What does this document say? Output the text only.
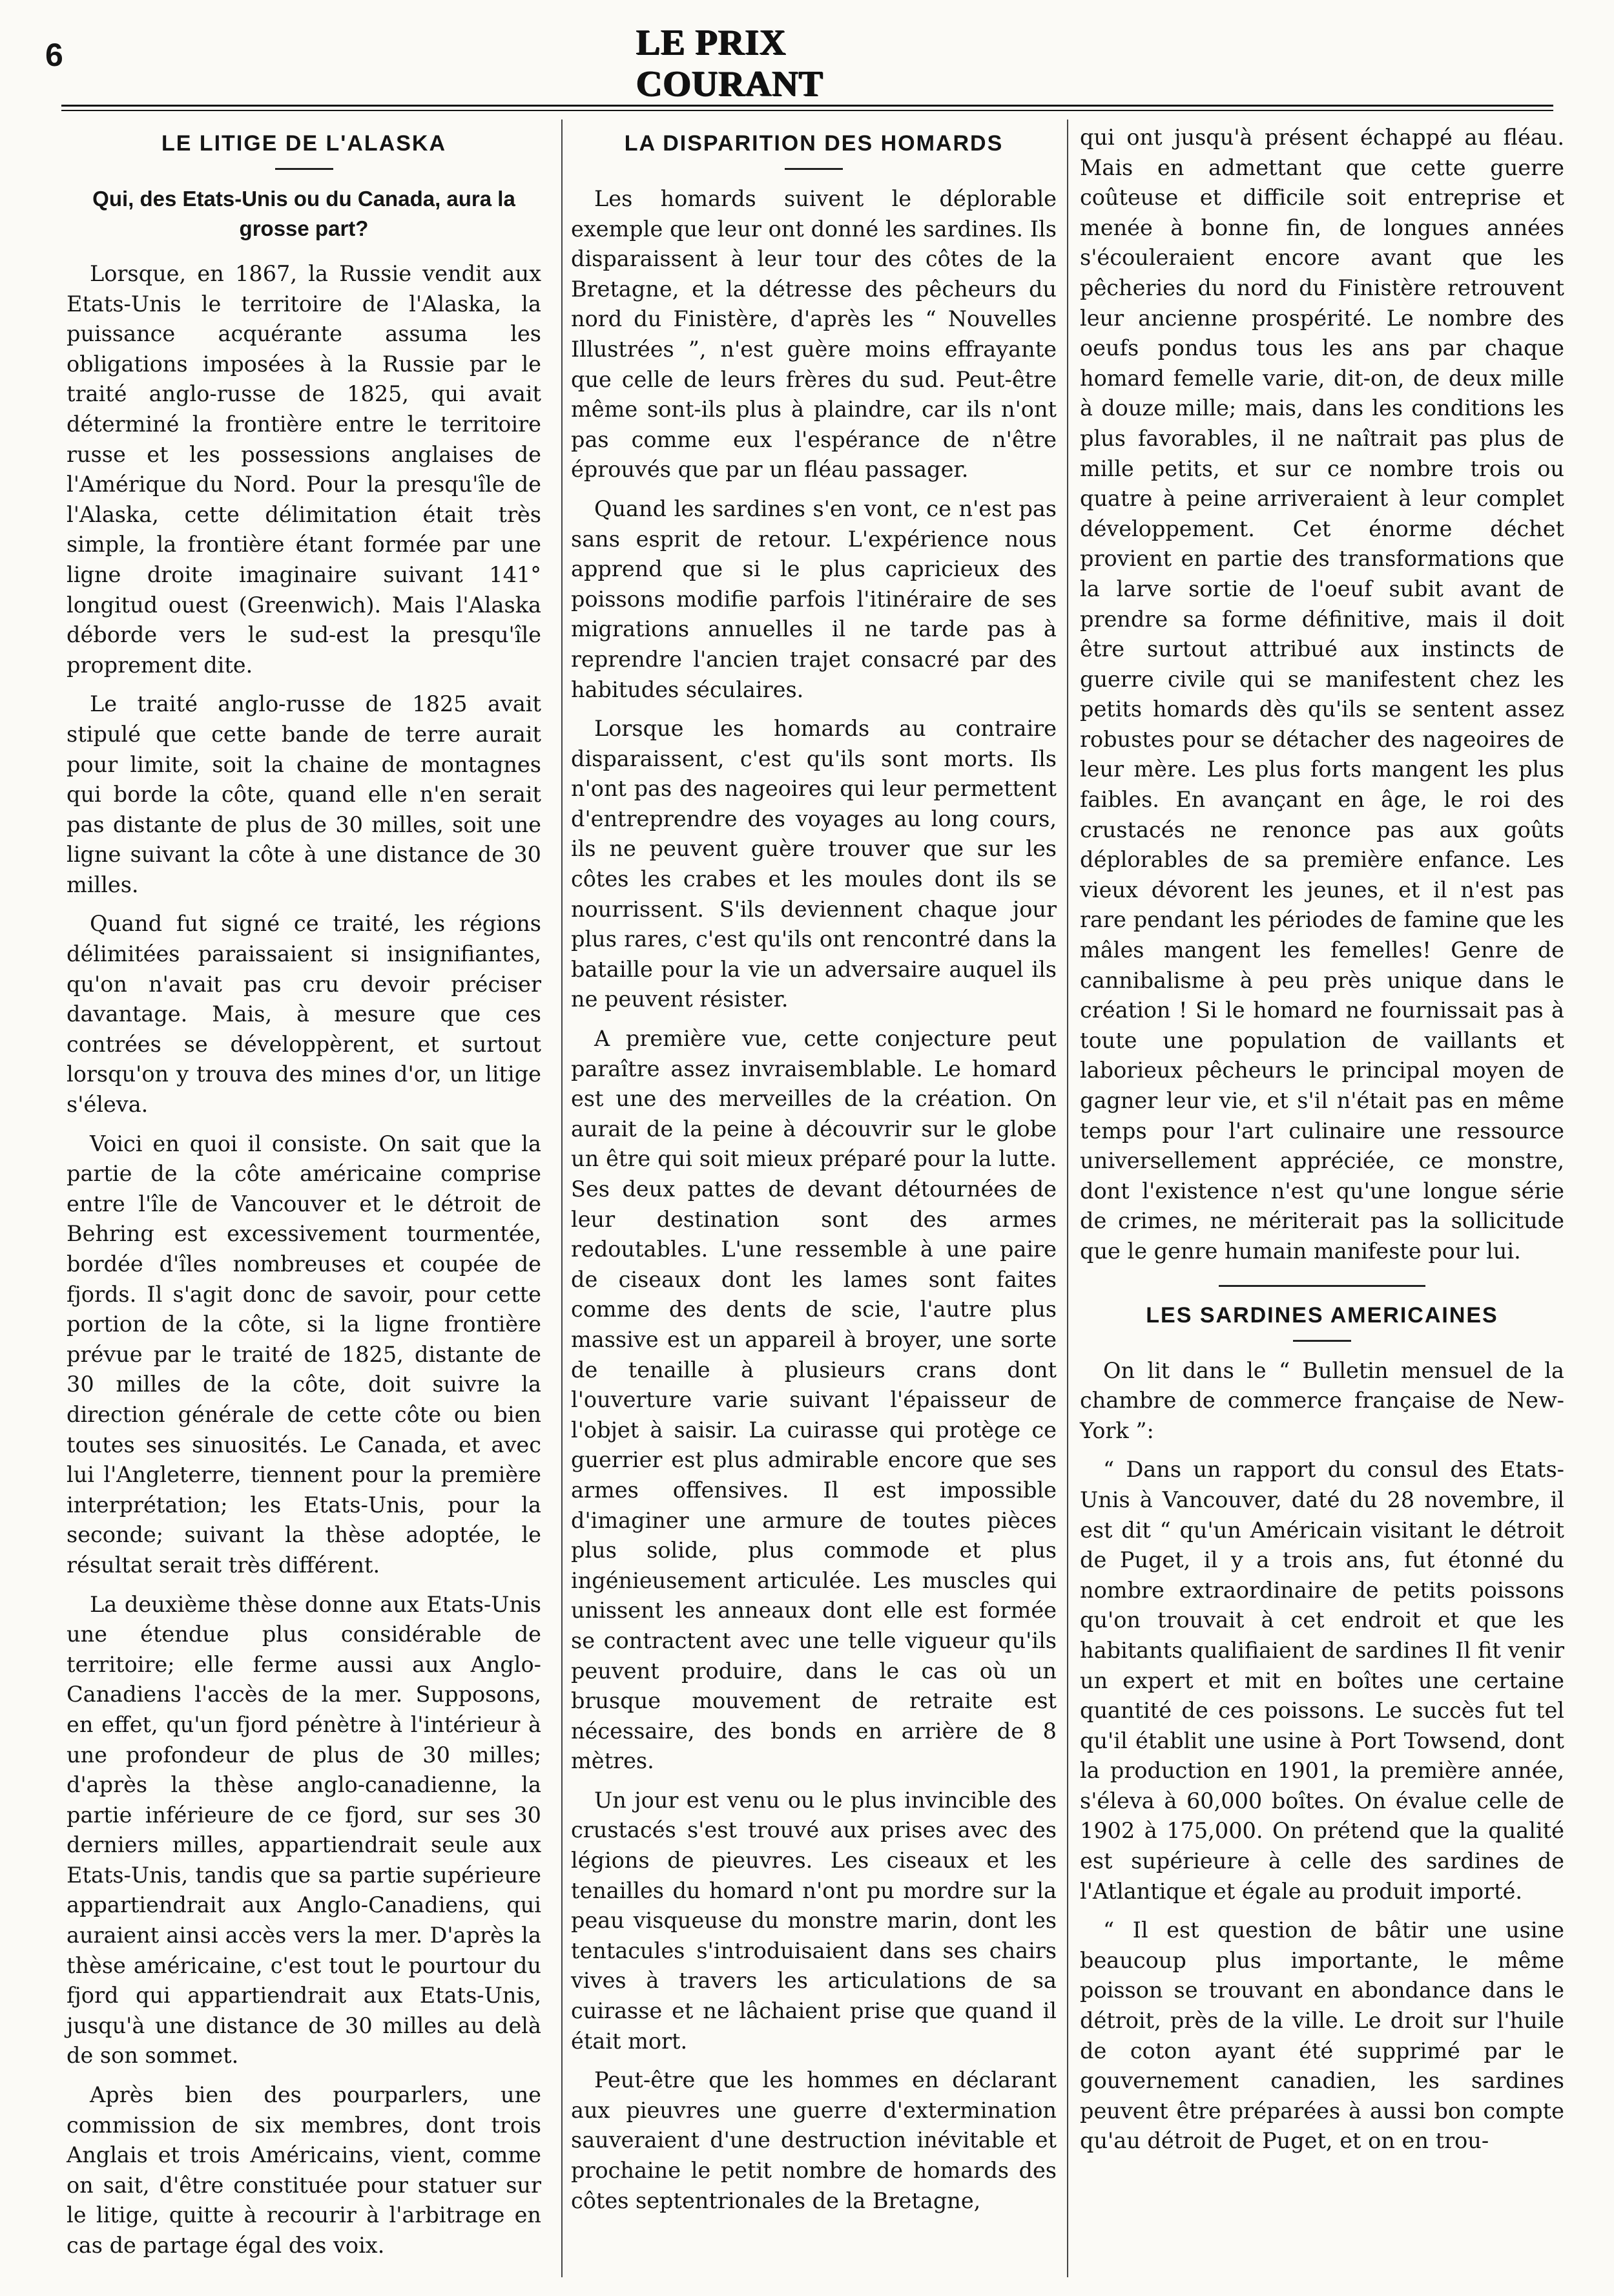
6	LE PRIX COURANT
LE LITIGE DE L'ALASKA
Qui, des Etats-Unis ou du Canada, aura la grosse part?

Lorsque, en 1867, la Russie vendit aux Etats-Unis le territoire de l'Alaska, la puissance acquérante assuma les obligations imposées à la Russie par le traité anglo-russe de 1825, qui avait déterminé la frontière entre le territoire russe et les possessions anglaises de l'Amérique du Nord. Pour la presqu'île de l'Alaska, cette délimitation était très simple, la frontière étant formée par une ligne droite imaginaire suivant 141° longitud ouest (Greenwich). Mais l'Alaska déborde vers le sud-est la presqu'île proprement dite.

Le traité anglo-russe de 1825 avait stipulé que cette bande de terre aurait pour limite, soit la chaine de montagnes qui borde la côte, quand elle n'en serait pas distante de plus de 30 milles, soit une ligne suivant la côte à une distance de 30 milles.

Quand fut signé ce traité, les régions délimitées paraissaient si insignifiantes, qu'on n'avait pas cru devoir préciser davantage. Mais, à mesure que ces contrées se développèrent, et surtout lorsqu'on y trouva des mines d'or, un litige s'éleva.

Voici en quoi il consiste. On sait que la partie de la côte américaine comprise entre l'île de Vancouver et le détroit de Behring est excessivement tourmentée, bordée d'îles nombreuses et coupée de fjords. Il s'agit donc de savoir, pour cette portion de la côte, si la ligne frontière prévue par le traité de 1825, distante de 30 milles de la côte, doit suivre la direction générale de cette côte ou bien toutes ses sinuosités. Le Canada, et avec lui l'Angleterre, tiennent pour la première interprétation; les Etats-Unis, pour la seconde; suivant la thèse adoptée, le résultat serait très différent.

La deuxième thèse donne aux Etats-Unis une étendue plus considérable de territoire; elle ferme aussi aux Anglo-Canadiens l'accès de la mer. Supposons, en effet, qu'un fjord pénètre à l'intérieur à une profondeur de plus de 30 milles; d'après la thèse anglo-canadienne, la partie inférieure de ce fjord, sur ses 30 derniers milles, appartiendrait seule aux Etats-Unis, tandis que sa partie supérieure appartiendrait aux Anglo-Canadiens, qui auraient ainsi accès vers la mer. D'après la thèse américaine, c'est tout le pourtour du fjord qui appartiendrait aux Etats-Unis, jusqu'à une distance de 30 milles au delà de son sommet.

Après bien des pourparlers, une commission de six membres, dont trois Anglais et trois Américains, vient, comme on sait, d'être constituée pour statuer sur le litige, quitte à recourir à l'arbitrage en cas de partage égal des voix.

LA DISPARITION DES HOMARDS

Les homards suivent le déplorable exemple que leur ont donné les sardines. Ils disparaissent à leur tour des côtes de la Bretagne, et la détresse des pêcheurs du nord du Finistère, d'après les “ Nouvelles Illustrées ”, n'est guère moins effrayante que celle de leurs frères du sud. Peut-être même sont-ils plus à plaindre, car ils n'ont pas comme eux l'espérance de n'être éprouvés que par un fléau passager.

Quand les sardines s'en vont, ce n'est pas sans esprit de retour. L'expérience nous apprend que si le plus capricieux des poissons modifie parfois l'itinéraire de ses migrations annuelles il ne tarde pas à reprendre l'ancien trajet consacré par des habitudes séculaires.

Lorsque les homards au contraire disparaissent, c'est qu'ils sont morts. Ils n'ont pas des nageoires qui leur permettent d'entreprendre des voyages au long cours, ils ne peuvent guère trouver que sur les côtes les crabes et les moules dont ils se nourrissent. S'ils deviennent chaque jour plus rares, c'est qu'ils ont rencontré dans la bataille pour la vie un adversaire auquel ils ne peuvent résister.

A première vue, cette conjecture peut paraître assez invraisemblable. Le homard est une des merveilles de la création. On aurait de la peine à découvrir sur le globe un être qui soit mieux préparé pour la lutte. Ses deux pattes de devant détournées de leur destination sont des armes redoutables. L'une ressemble à une paire de ciseaux dont les lames sont faites comme des dents de scie, l'autre plus massive est un appareil à broyer, une sorte de tenaille à plusieurs crans dont l'ouverture varie suivant l'épaisseur de l'objet à saisir. La cuirasse qui protège ce guerrier est plus admirable encore que ses armes offensives. Il est impossible d'imaginer une armure de toutes pièces plus solide, plus commode et plus ingénieusement articulée. Les muscles qui unissent les anneaux dont elle est formée se contractent avec une telle vigueur qu'ils peuvent produire, dans le cas où un brusque mouvement de retraite est nécessaire, des bonds en arrière de 8 mètres.

Un jour est venu ou le plus invincible des crustacés s'est trouvé aux prises avec des légions de pieuvres. Les ciseaux et les tenailles du homard n'ont pu mordre sur la peau visqueuse du monstre marin, dont les tentacules s'introduisaient dans ses chairs vives à travers les articulations de sa cuirasse et ne lâchaient prise que quand il était mort.

Peut-être que les hommes en déclarant aux pieuvres une guerre d'extermination sauveraient d'une destruction inévitable et prochaine le petit nombre de homards des côtes septentrionales de la Bretagne,

qui ont jusqu'à présent échappé au fléau. Mais en admettant que cette guerre coûteuse et difficile soit entreprise et menée à bonne fin, de longues années s'écouleraient encore avant que les pêcheries du nord du Finistère retrouvent leur ancienne prospérité. Le nombre des oeufs pondus tous les ans par chaque homard femelle varie, dit-on, de deux mille à douze mille; mais, dans les conditions les plus favorables, il ne naîtrait pas plus de mille petits, et sur ce nombre trois ou quatre à peine arriveraient à leur complet développement. Cet énorme déchet provient en partie des transformations que la larve sortie de l'oeuf subit avant de prendre sa forme définitive, mais il doit être surtout attribué aux instincts de guerre civile qui se manifestent chez les petits homards dès qu'ils se sentent assez robustes pour se détacher des nageoires de leur mère. Les plus forts mangent les plus faibles. En avançant en âge, le roi des crustacés ne renonce pas aux goûts déplorables de sa première enfance. Les vieux dévorent les jeunes, et il n'est pas rare pendant les périodes de famine que les mâles mangent les femelles! Genre de cannibalisme à peu près unique dans le création ! Si le homard ne fournissait pas à toute une population de vaillants et laborieux pêcheurs le principal moyen de gagner leur vie, et s'il n'était pas en même temps pour l'art culinaire une ressource universellement appréciée, ce monstre, dont l'existence n'est qu'une longue série de crimes, ne mériterait pas la sollicitude que le genre humain manifeste pour lui.

LES SARDINES AMERICAINES

On lit dans le “ Bulletin mensuel de la chambre de commerce française de New-York ”:

“ Dans un rapport du consul des Etats-Unis à Vancouver, daté du 28 novembre, il est dit “ qu'un Américain visitant le détroit de Puget, il y a trois ans, fut étonné du nombre extraordinaire de petits poissons qu'on trouvait à cet endroit et que les habitants qualifiaient de sardines Il fit venir un expert et mit en boîtes une certaine quantité de ces poissons. Le succès fut tel qu'il établit une usine à Port Towsend, dont la production en 1901, la première année, s'éleva à 60,000 boîtes. On évalue celle de 1902 à 175,000. On prétend que la qualité est supérieure à celle des sardines de l'Atlantique et égale au produit importé.

“ Il est question de bâtir une usine beaucoup plus importante, le même poisson se trouvant en abondance dans le détroit, près de la ville. Le droit sur l'huile de coton ayant été supprimé par le gouvernement canadien, les sardines peuvent être préparées à aussi bon compte qu'au détroit de Puget, et on en trou-
